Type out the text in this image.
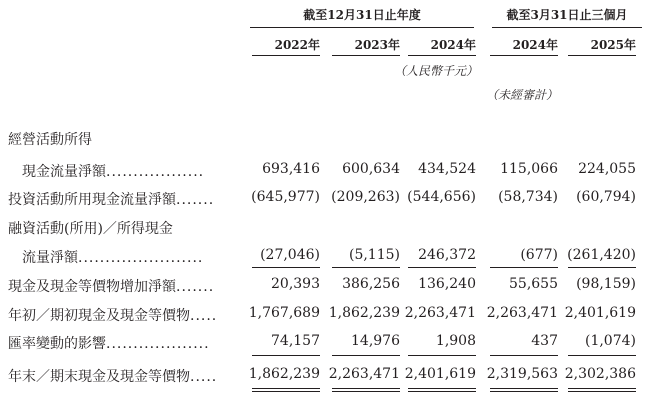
截至12月31日止年度	截至3月31日止三個月
2022年	2023年	2024年	2024年	2025年
（人民幣千元）
（未經審計）
經營活動所得
現金流量淨額..................	693,416	600,634	434,524	115,066	224,055
投資活動所用現金流量淨額.......	(645,977) (209,263) (544,656)	(58,734)	(60,794)
融資活動(所用)／所得現金
流量淨額.......................	(27,046)	(5,115)	246,372	(677) (261,420)
現金及現金等價物增加淨額.......	20,393	386,256	136,240	55,655	(98,159)
年初／期初現金及現金等價物.....	1,767,689 1,862,239 2,263,471 2,263,471 2,401,619
匯率變動的影響...................	74,157	14,976	1,908	437	(1,074)
年末／期末現金及現金等價物.....	1,862,239 2,263,471 2,401,619 2,319,563 2,302,386
